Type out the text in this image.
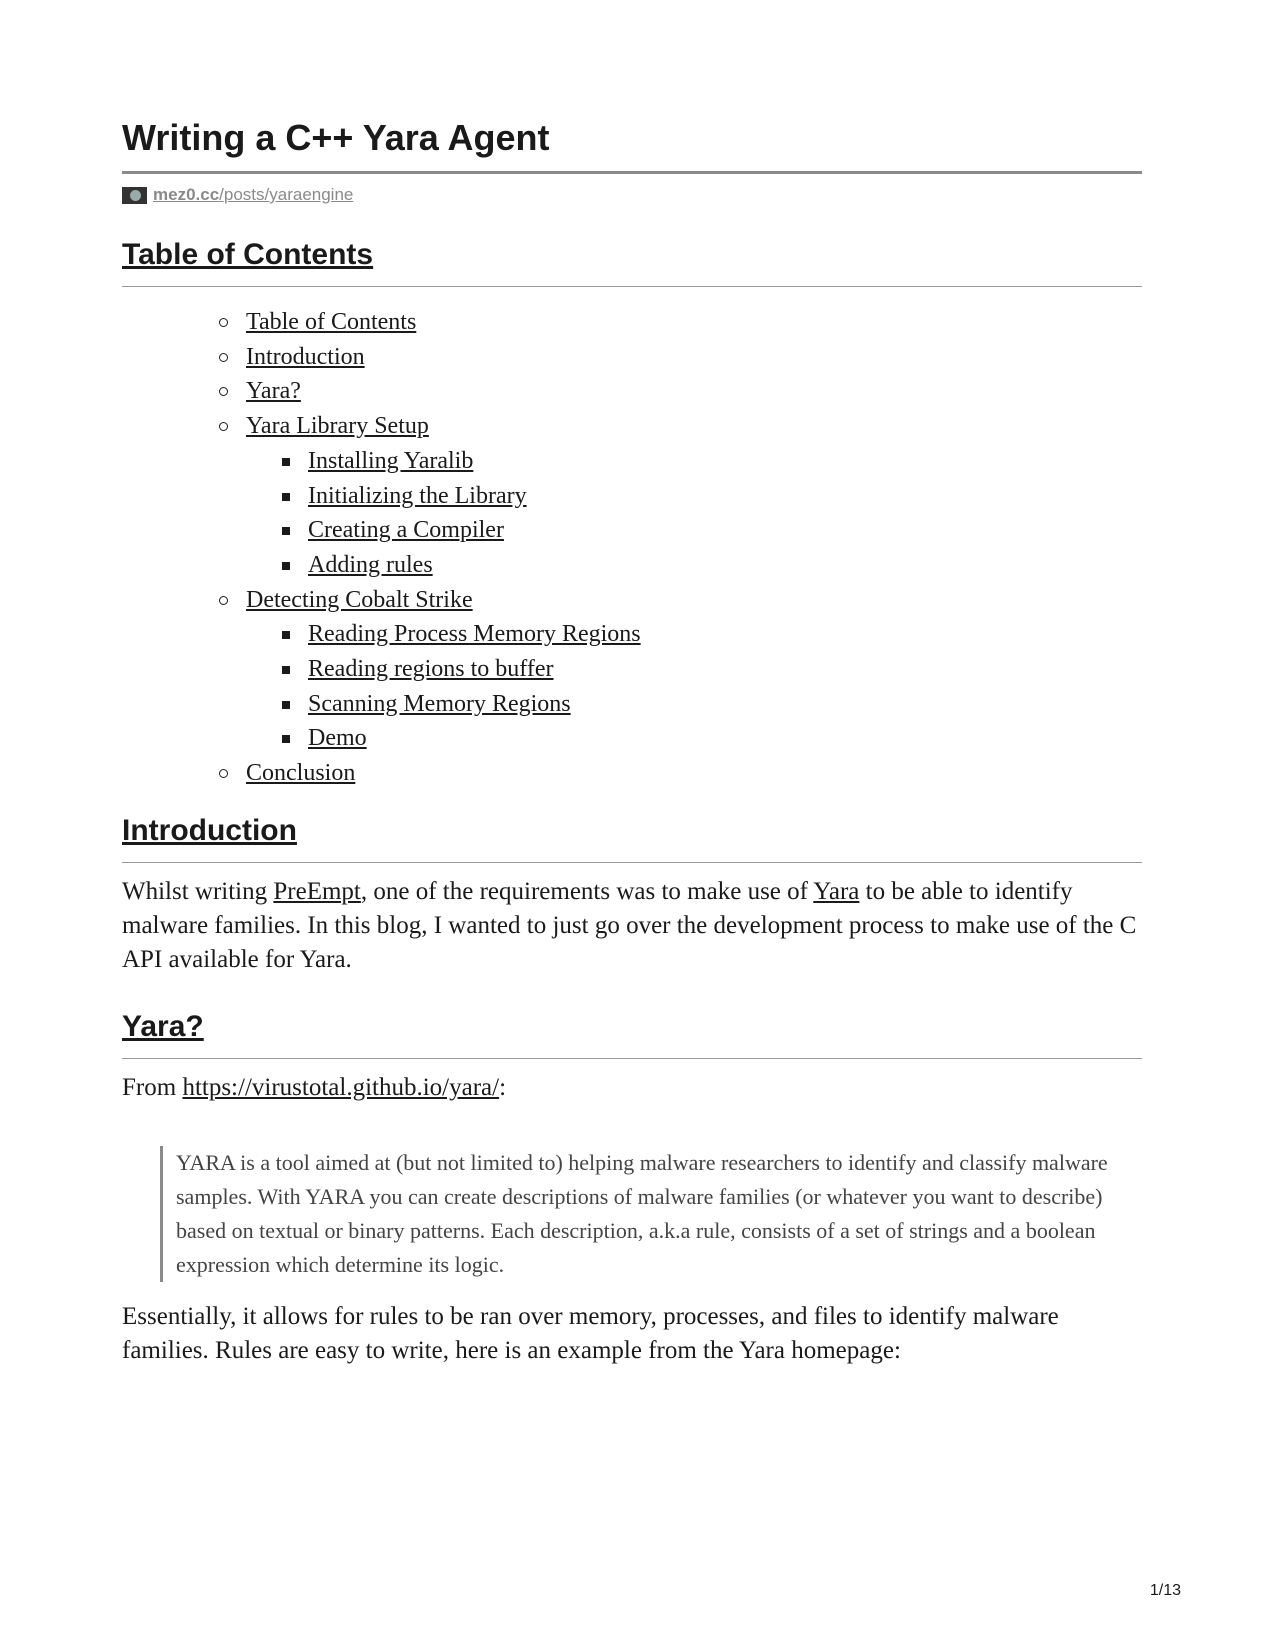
Writing a C++ Yara Agent
mez0.cc/posts/yaraengine
Table of Contents
Table of Contents
Introduction
Yara?
Yara Library Setup
Installing Yaralib
Initializing the Library
Creating a Compiler
Adding rules
Detecting Cobalt Strike
Reading Process Memory Regions
Reading regions to buffer
Scanning Memory Regions
Demo
Conclusion
Introduction

Whilst writing PreEmpt, one of the requirements was to make use of Yara to be able to identify malware families. In this blog, I wanted to just go over the development process to make use of the C API available for Yara.

Yara?

From https://virustotal.github.io/yara/:

YARA is a tool aimed at (but not limited to) helping malware researchers to identify and classify malware samples. With YARA you can create descriptions of malware families (or whatever you want to describe) based on textual or binary patterns. Each description, a.k.a rule, consists of a set of strings and a boolean expression which determine its logic.

Essentially, it allows for rules to be ran over memory, processes, and files to identify malware families. Rules are easy to write, here is an example from the Yara homepage:

1/13
